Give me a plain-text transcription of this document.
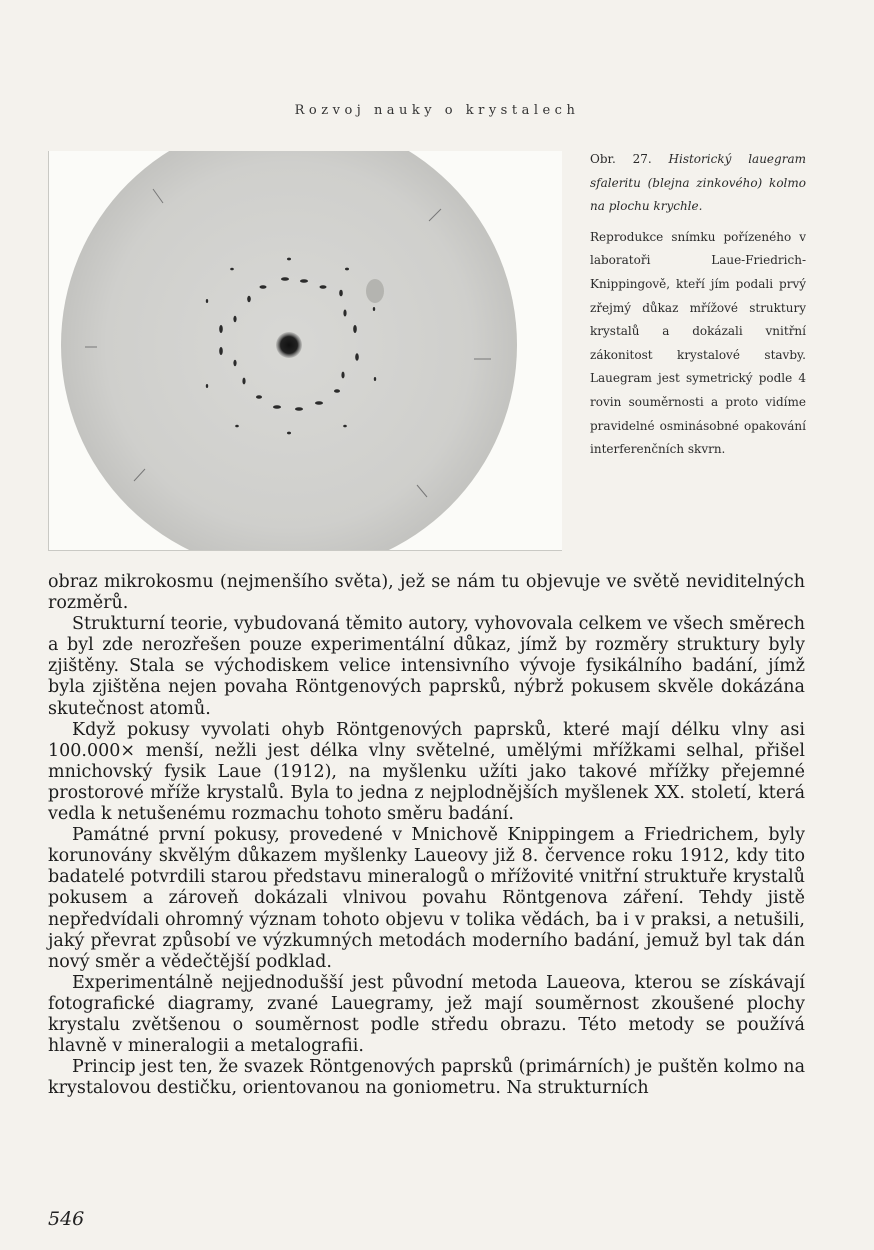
Rozvoj nauky o krystalech

Obr. 27. Historický lauegram sfaleritu (blejna zinkového) kolmo na plochu krychle.

Reprodukce snímku pořízeného v laboratoři Laue-Friedrich-Knippingově, kteří jím podali prvý zřejmý důkaz mřížové struktury krystalů a dokázali vnitřní zákonitost krystalové stavby. Lauegram jest symetrický podle 4 rovin souměrnosti a proto vidíme pravidelné osminásobné opakování interferenčních skvrn.

obraz mikrokosmu (nejmenšího světa), jež se nám tu objevuje ve světě neviditelných rozměrů.

Strukturní teorie, vybudovaná těmito autory, vyhovovala celkem ve všech směrech a byl zde nerozřešen pouze experimentální důkaz, jímž by rozměry struktury byly zjištěny. Stala se východiskem velice intensivního vývoje fysikálního badání, jímž byla zjištěna nejen povaha Röntgenových paprsků, nýbrž pokusem skvěle dokázána skutečnost atomů.

Když pokusy vyvolati ohyb Röntgenových paprsků, které mají délku vlny asi 100.000× menší, nežli jest délka vlny světelné, umělými mřížkami selhal, přišel mnichovský fysik Laue (1912), na myšlenku užíti jako takové mřížky přejemné prostorové mříže krystalů. Byla to jedna z nejplodnějších myšlenek XX. století, která vedla k netušenému rozmachu tohoto směru badání.

Památné první pokusy, provedené v Mnichově Knippingem a Friedrichem, byly korunovány skvělým důkazem myšlenky Laueovy již 8. července roku 1912, kdy tito badatelé potvrdili starou představu mineralogů o mřížovité vnitřní struktuře krystalů pokusem a zároveň dokázali vlnivou povahu Röntgenova záření. Tehdy jistě nepředvídali ohromný význam tohoto objevu v tolika vědách, ba i v praksi, a netušili, jaký převrat způsobí ve výzkumných metodách moderního badání, jemuž byl tak dán nový směr a vědečtější podklad.

Experimentálně nejjednodušší jest původní metoda Laueova, kterou se získávají fotografické diagramy, zvané Lauegramy, jež mají souměrnost zkoušené plochy krystalu zvětšenou o souměrnost podle středu obrazu. Této metody se používá hlavně v mineralogii a metalografii.

Princip jest ten, že svazek Röntgenových paprsků (primárních) je puštěn kolmo na krystalovou destičku, orientovanou na goniometru. Na strukturních

546
